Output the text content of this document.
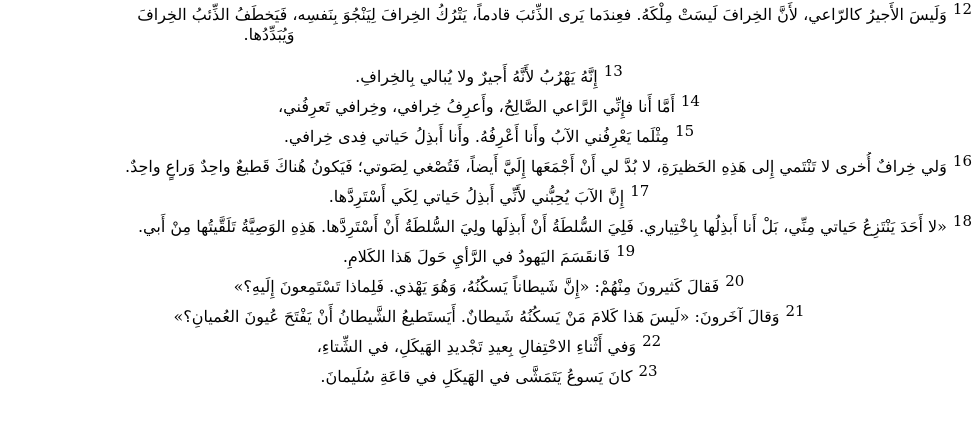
12وَلَيسَ الأَجيرُ كالرّاعي، لأَنَّ الخِرافَ لَيسَتْ مِلْكَهُ. فعِندَما يَرى الذِّئبَ قادماً، يَتْرُكُ الخِرافَ لِيَنْجُوَ بِنَفسِه، فَيَخطَفُ الذِّئبُ الخِرافَ

وَيُبَدِّدُها.

13إِنَّهُ يَهْرُبُ لأَنَّهُ أَجيرٌ ولا يُبالي بِالخِرافِ.

14أَمَّا أَنا فإِنِّي الرَّاعي الصَّالِحُ، وأَعرِفُ خِرافي، وخِرافي تَعرِفُني،

15مِثْلَما يَعْرِفُني الآبُ وأَنا أَعْرِفُهُ. وأَنا أَبذِلُ حَياتي فِدى خِرافي.

16وَلي خِرافٌ أُخرى لا تَنْتَمي إِلى هَذِهِ الحَظيرَةِ، لا بُدَّ لي أَنْ أَجْمَعَها إِلَيَّ أَيضاً، فَتُصْغي لِصَوتي؛ فَيَكونُ هُناكَ قَطيعٌ واحِدٌ وَراعٍ واحِدٌ.

17إِنَّ الآبَ يُحِبُّني لأَنِّي أَبذِلُ حَياتي لِكَي أَسْتَرِدَّها.

18«لا أَحَدَ يَنْتَزِعُ حَياتي مِنِّي، بَلْ أَنا أَبذِلُها بِاخْتِياري. فَلِيَ السُّلطَةُ أَنْ أَبذِلَها ولِيَ السُّلطَةُ أَنْ أَسْتَرِدَّها. هَذِهِ الوَصِيَّةُ تَلَقَّيتُها مِنْ أَبي.

19فَانقَسَمَ اليَهودُ في الرَّأيِ حَولَ هَذا الكَلامِ.

20فَقالَ كَثيرونَ مِنْهُمْ: «إِنَّ شَيطاناً يَسكُنُهُ، وَهُوَ يَهْذي. فَلِماذا تَسْتَمِعونَ إِلَيهِ؟»

21وَقالَ آخَرونَ: «لَيسَ هَذا كَلامَ مَنْ يَسكُنُهُ شَيطانٌ. أَيَستَطيعُ الشَّيطانُ أَنْ يَفْتَحَ عُيونَ العُميانِ؟»

22وَفي أَثْناءِ الاحْتِفالِ بِعيدِ تَجْديدِ الهَيكَلِ، في الشِّتاءِ،

23كانَ يَسوعُ يَتَمَشَّى في الهَيكَلِ في قاعَةِ سُلَيمانَ.
